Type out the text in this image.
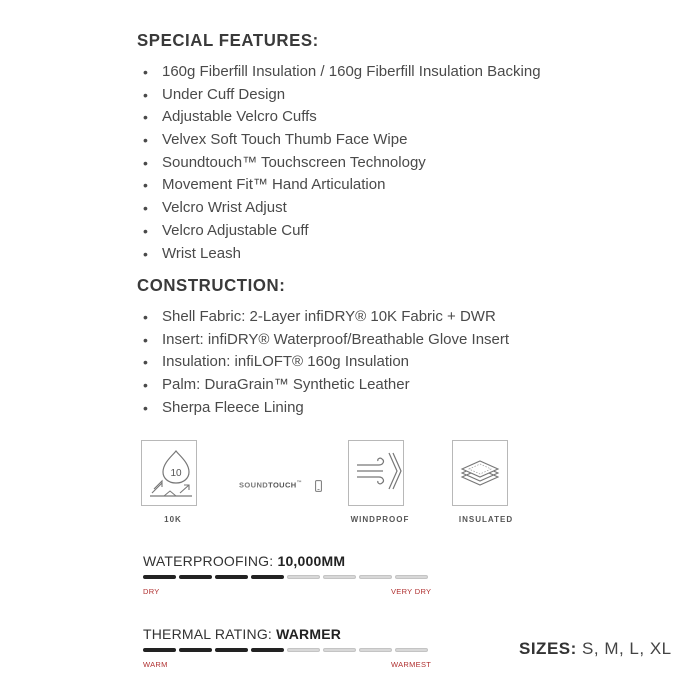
SPECIAL FEATURES:
• 160g Fiberfill Insulation / 160g Fiberfill Insulation Backing
• Under Cuff Design
• Adjustable Velcro Cuffs
• Velvex Soft Touch Thumb Face Wipe
• Soundtouch™ Touchscreen Technology
• Movement Fit™ Hand Articulation
• Velcro Wrist Adjust
• Velcro Adjustable Cuff
• Wrist Leash
CONSTRUCTION:
• Shell Fabric: 2-Layer infiDRY® 10K Fabric + DWR
• Insert: infiDRY® Waterproof/Breathable Glove Insert
• Insulation: infiLOFT® 160g Insulation
• Palm: DuraGrain™ Synthetic Leather
• Sherpa Fleece Lining
10
10K
SOUNDTOUCH™
WINDPROOF	INSULATED
WATERPROOFING: 10,000MM
DRY	VERY DRY
THERMAL RATING: WARMER
WARM	WARMEST
SIZES: S, M, L, XL
